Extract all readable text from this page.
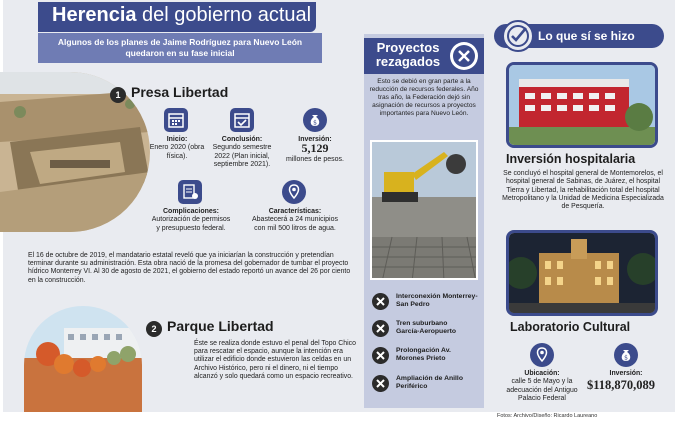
Herencia del gobierno actual
Algunos de los planes de Jaime Rodríguez para Nuevo León quedaron en su fase inicial
1 Presa Libertad
Inicio:
Enero 2020 (obra física).
Conclusión:
Segundo semestre 2022 (Plan inicial, septiembre 2021).
$
Inversión:
5,129
millones de pesos.
Complicaciones:
Autorización de permisos y presupuesto federal.
Características:
Abastecerá a 24 municipios con mil 500 litros de agua.
El 16 de octubre de 2019, el mandatario estatal reveló que ya iniciarían la construcción y pretendían terminar durante su administración. Esta obra nació de la promesa del gobernador de tumbar el proyecto hídrico Monterrey VI. Al 30 de agosto de 2021, el gobierno del estado reportó un avance del 26 por ciento en la construcción.
2 Parque Libertad
Éste se realiza donde estuvo el penal del Topo Chico para rescatar el espacio, aunque la intención era utilizar el edificio donde estuvieron las celdas en un Archivo Histórico, pero ni el dinero, ni el tiempo alcanzó y solo quedará como un espacio recreativo.
Proyectos rezagados
Esto se debió en gran parte a la reducción de recursos federales. Año tras año, la Federación dejó sin asignación de recursos a proyectos importantes para Nuevo León.
Interconexión Monterrey-San Pedro
Tren suburbano García-Aeropuerto
Prolongación Av. Morones Prieto
Ampliación de Anillo Periférico
Lo que sí se hizo
Inversión hospitalaria
Se concluyó el hospital general de Montemorelos, el hospital general de Sabinas, de Juárez, el hospital Tierra y Libertad, la rehabilitación total del hospital Metropolitano y la Unidad de Medicina Especializada de Pesquería.
Laboratorio Cultural
Ubicación:
calle 5 de Mayo y la adecuación del Antiguo Palacio Federal
$
Inversión:
$118,870,089
Fotos: Archivo/Diseño: Ricardo Laureano
